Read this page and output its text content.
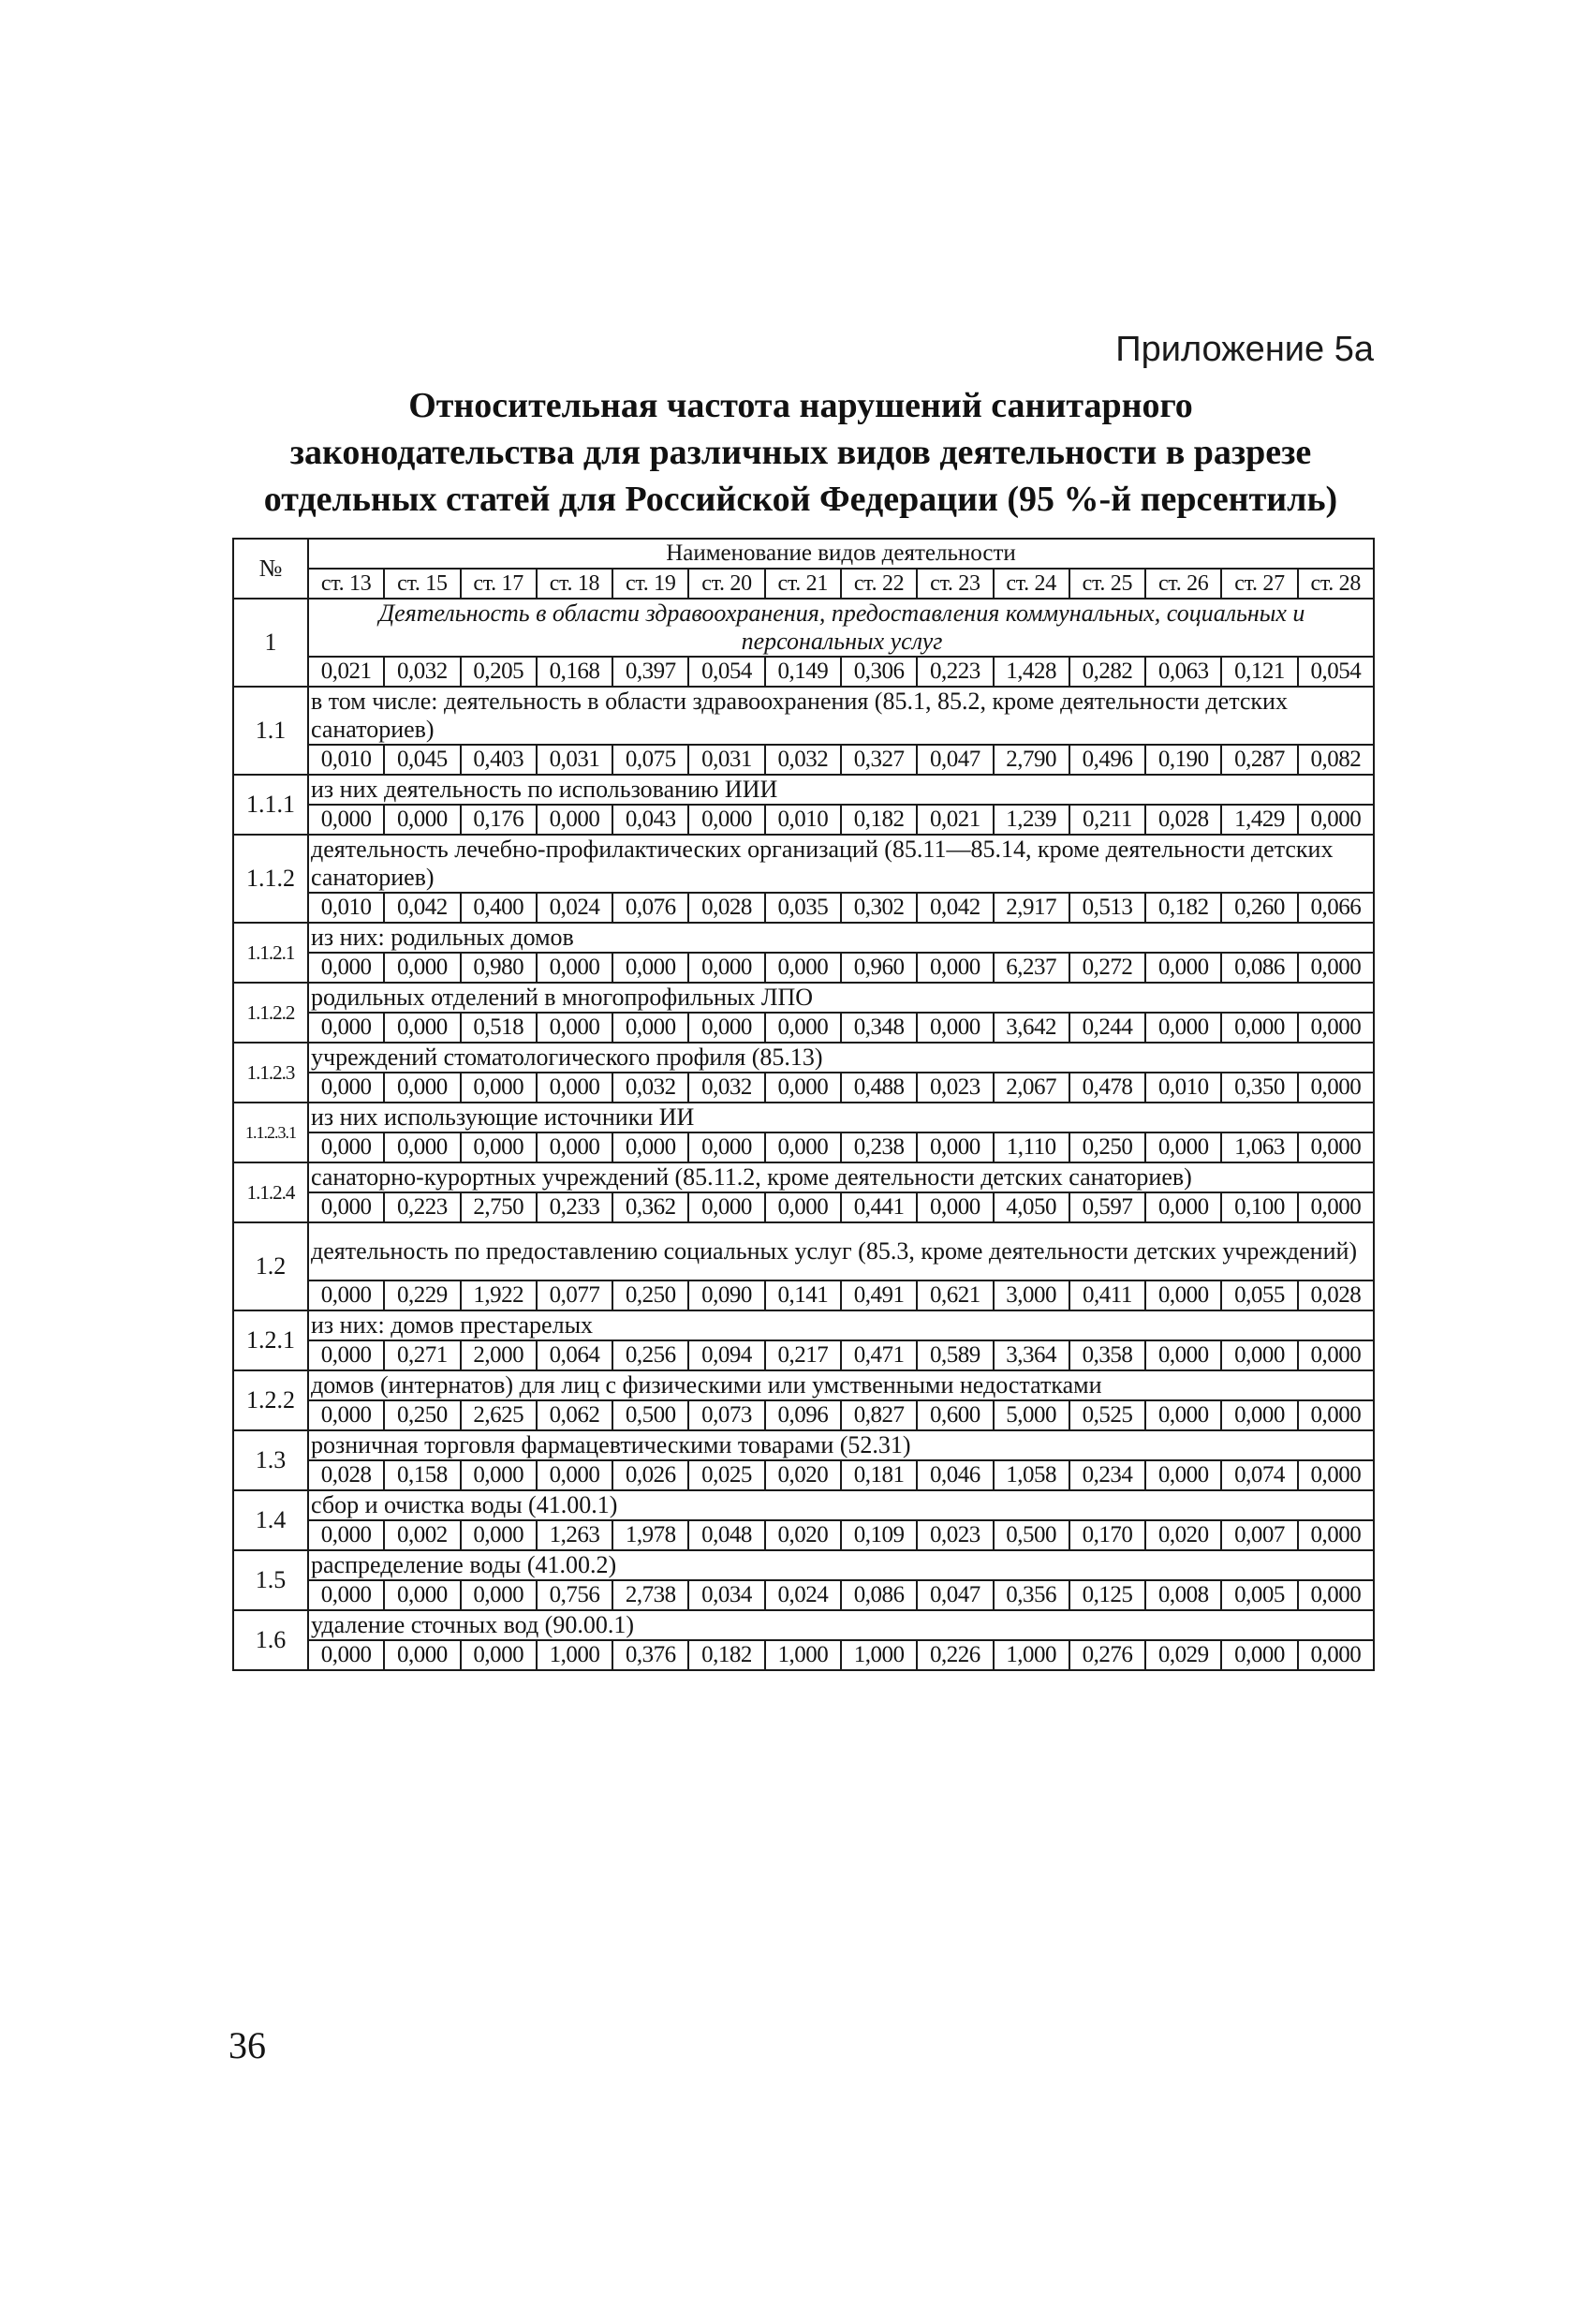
Приложение 5а
Относительная частота нарушений санитарного
законодательства для различных видов деятельности в разрезе
отдельных статей для Российской Федерации (95 %-й персентиль)
№	Наименование видов деятельности													
	ст. 13	ст. 15	ст. 17	ст. 18	ст. 19	ст. 20	ст. 21	ст. 22	ст. 23	ст. 24	ст. 25	ст. 26	ст. 27	ст. 28
1	Деятельность в области здравоохранения, предоставления коммунальных, социальных и персональных услуг													
	0,021	0,032	0,205	0,168	0,397	0,054	0,149	0,306	0,223	1,428	0,282	0,063	0,121	0,054
1.1	в том числе: деятельность в области здравоохранения (85.1, 85.2, кроме деятельности детских санаториев)													
	0,010	0,045	0,403	0,031	0,075	0,031	0,032	0,327	0,047	2,790	0,496	0,190	0,287	0,082
1.1.1	из них деятельность по использованию ИИИ													
	0,000	0,000	0,176	0,000	0,043	0,000	0,010	0,182	0,021	1,239	0,211	0,028	1,429	0,000
1.1.2	деятельность лечебно-профилактических организаций (85.11—85.14, кроме деятельности детских санаториев)													
	0,010	0,042	0,400	0,024	0,076	0,028	0,035	0,302	0,042	2,917	0,513	0,182	0,260	0,066
1.1.2.1	из них: родильных домов													
	0,000	0,000	0,980	0,000	0,000	0,000	0,000	0,960	0,000	6,237	0,272	0,000	0,086	0,000
1.1.2.2	родильных отделений в многопрофильных ЛПО													
	0,000	0,000	0,518	0,000	0,000	0,000	0,000	0,348	0,000	3,642	0,244	0,000	0,000	0,000
1.1.2.3	учреждений стоматологического профиля (85.13)													
	0,000	0,000	0,000	0,000	0,032	0,032	0,000	0,488	0,023	2,067	0,478	0,010	0,350	0,000
1.1.2.3.1	из них использующие источники ИИ													
	0,000	0,000	0,000	0,000	0,000	0,000	0,000	0,238	0,000	1,110	0,250	0,000	1,063	0,000
1.1.2.4	санаторно-курортных учреждений (85.11.2, кроме деятельности детских санаториев)													
	0,000	0,223	2,750	0,233	0,362	0,000	0,000	0,441	0,000	4,050	0,597	0,000	0,100	0,000
1.2	деятельность по предоставлению социальных услуг (85.3, кроме деятельности детских учреждений)													
	0,000	0,229	1,922	0,077	0,250	0,090	0,141	0,491	0,621	3,000	0,411	0,000	0,055	0,028
1.2.1	из них: домов престарелых													
	0,000	0,271	2,000	0,064	0,256	0,094	0,217	0,471	0,589	3,364	0,358	0,000	0,000	0,000
1.2.2	домов (интернатов) для лиц с физическими или умственными недостатками													
	0,000	0,250	2,625	0,062	0,500	0,073	0,096	0,827	0,600	5,000	0,525	0,000	0,000	0,000
1.3	розничная торговля фармацевтическими товарами (52.31)													
	0,028	0,158	0,000	0,000	0,026	0,025	0,020	0,181	0,046	1,058	0,234	0,000	0,074	0,000
1.4	сбор и очистка воды (41.00.1)													
	0,000	0,002	0,000	1,263	1,978	0,048	0,020	0,109	0,023	0,500	0,170	0,020	0,007	0,000
1.5	распределение воды (41.00.2)													
	0,000	0,000	0,000	0,756	2,738	0,034	0,024	0,086	0,047	0,356	0,125	0,008	0,005	0,000
1.6	удаление сточных вод (90.00.1)													
	0,000	0,000	0,000	1,000	0,376	0,182	1,000	1,000	0,226	1,000	0,276	0,029	0,000	0,000
36
